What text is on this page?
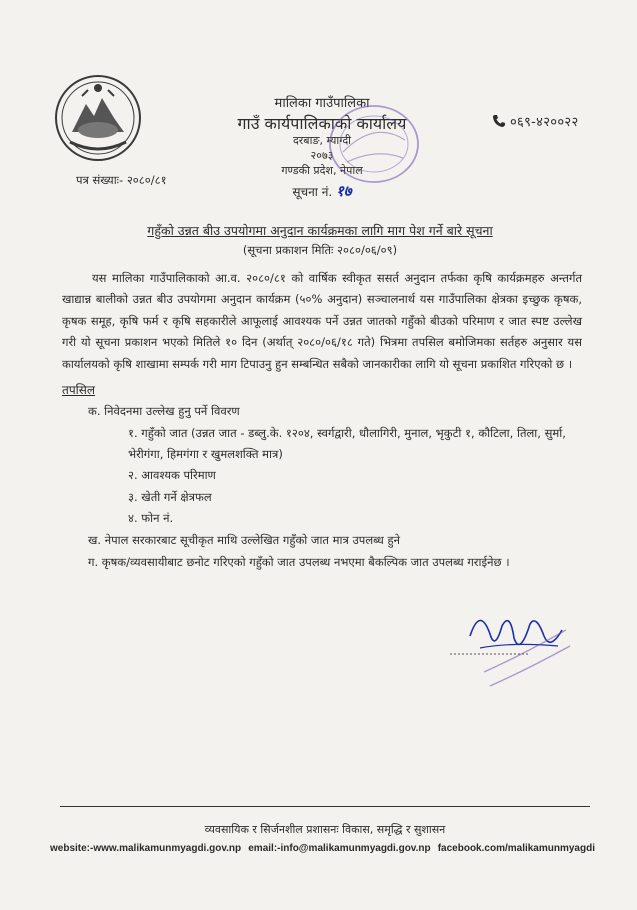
मालिका गाउँपालिका
गाउँ कार्यपालिकाको कार्यालय
दरबाङ, म्याग्दी
२०७३
गण्डकी प्रदेश, नेपाल
सूचना नं. १७
०६९-४२००२२
पत्र संख्याः- २०८०/८१
गहुँको उन्नत बीउ उपयोगमा अनुदान कार्यक्रमका लागि माग पेश गर्ने बारे सूचना
(सूचना प्रकाशन मितिः २०८०/०६/०९)
यस मालिका गाउँपालिकाको आ.व. २०८०/८१ को वार्षिक स्वीकृत ससर्त अनुदान तर्फका कृषि कार्यक्रमहरु अन्तर्गत खाद्यान्न बालीको उन्नत बीउ उपयोगमा अनुदान कार्यक्रम (५०% अनुदान) सञ्चालनार्थ यस गाउँपालिका क्षेत्रका इच्छुक कृषक, कृषक समूह, कृषि फर्म र कृषि सहकारीले आफूलाई आवश्यक पर्ने उन्नत जातको गहुँको बीउको परिमाण र जात स्पष्ट उल्लेख गरी यो सूचना प्रकाशन भएको मितिले १० दिन (अर्थात् २०८०/०६/१८ गते) भित्रमा तपसिल बमोजिमका सर्तहरु अनुसार यस कार्यालयको कृषि शाखामा सम्पर्क गरी माग टिपाउनु हुन सम्बन्धित सबैको जानकारीका लागि यो सूचना प्रकाशित गरिएको छ ।
तपसिल
क. निवेदनमा उल्लेख हुनु पर्ने विवरण
१. गहुँको जात (उन्नत जात - डब्लु.के. १२०४, स्वर्गद्वारी, धौलागिरी, मुनाल, भृकुटी १, कौटिला, तिला, सुर्मा, भेरीगंगा, हिमगंगा र खुमलशक्ति मात्र)
२. आवश्यक परिमाण
३. खेती गर्ने क्षेत्रफल
४. फोन नं.
ख. नेपाल सरकारबाट सूचीकृत माथि उल्लेखित गहुँको जात मात्र उपलब्ध हुने
ग. कृषक/व्यवसायीबाट छनोट गरिएको गहुँको जात उपलब्ध नभएमा बैकल्पिक जात उपलब्ध गराईनेछ ।
व्यवसायिक र सिर्जनशील प्रशासनः विकास, समृद्धि र सुशासन
website:-www.malikamunmyagdi.gov.np email:-info@malikamunmyagdi.gov.np facebook.com/malikamunmyagdi
